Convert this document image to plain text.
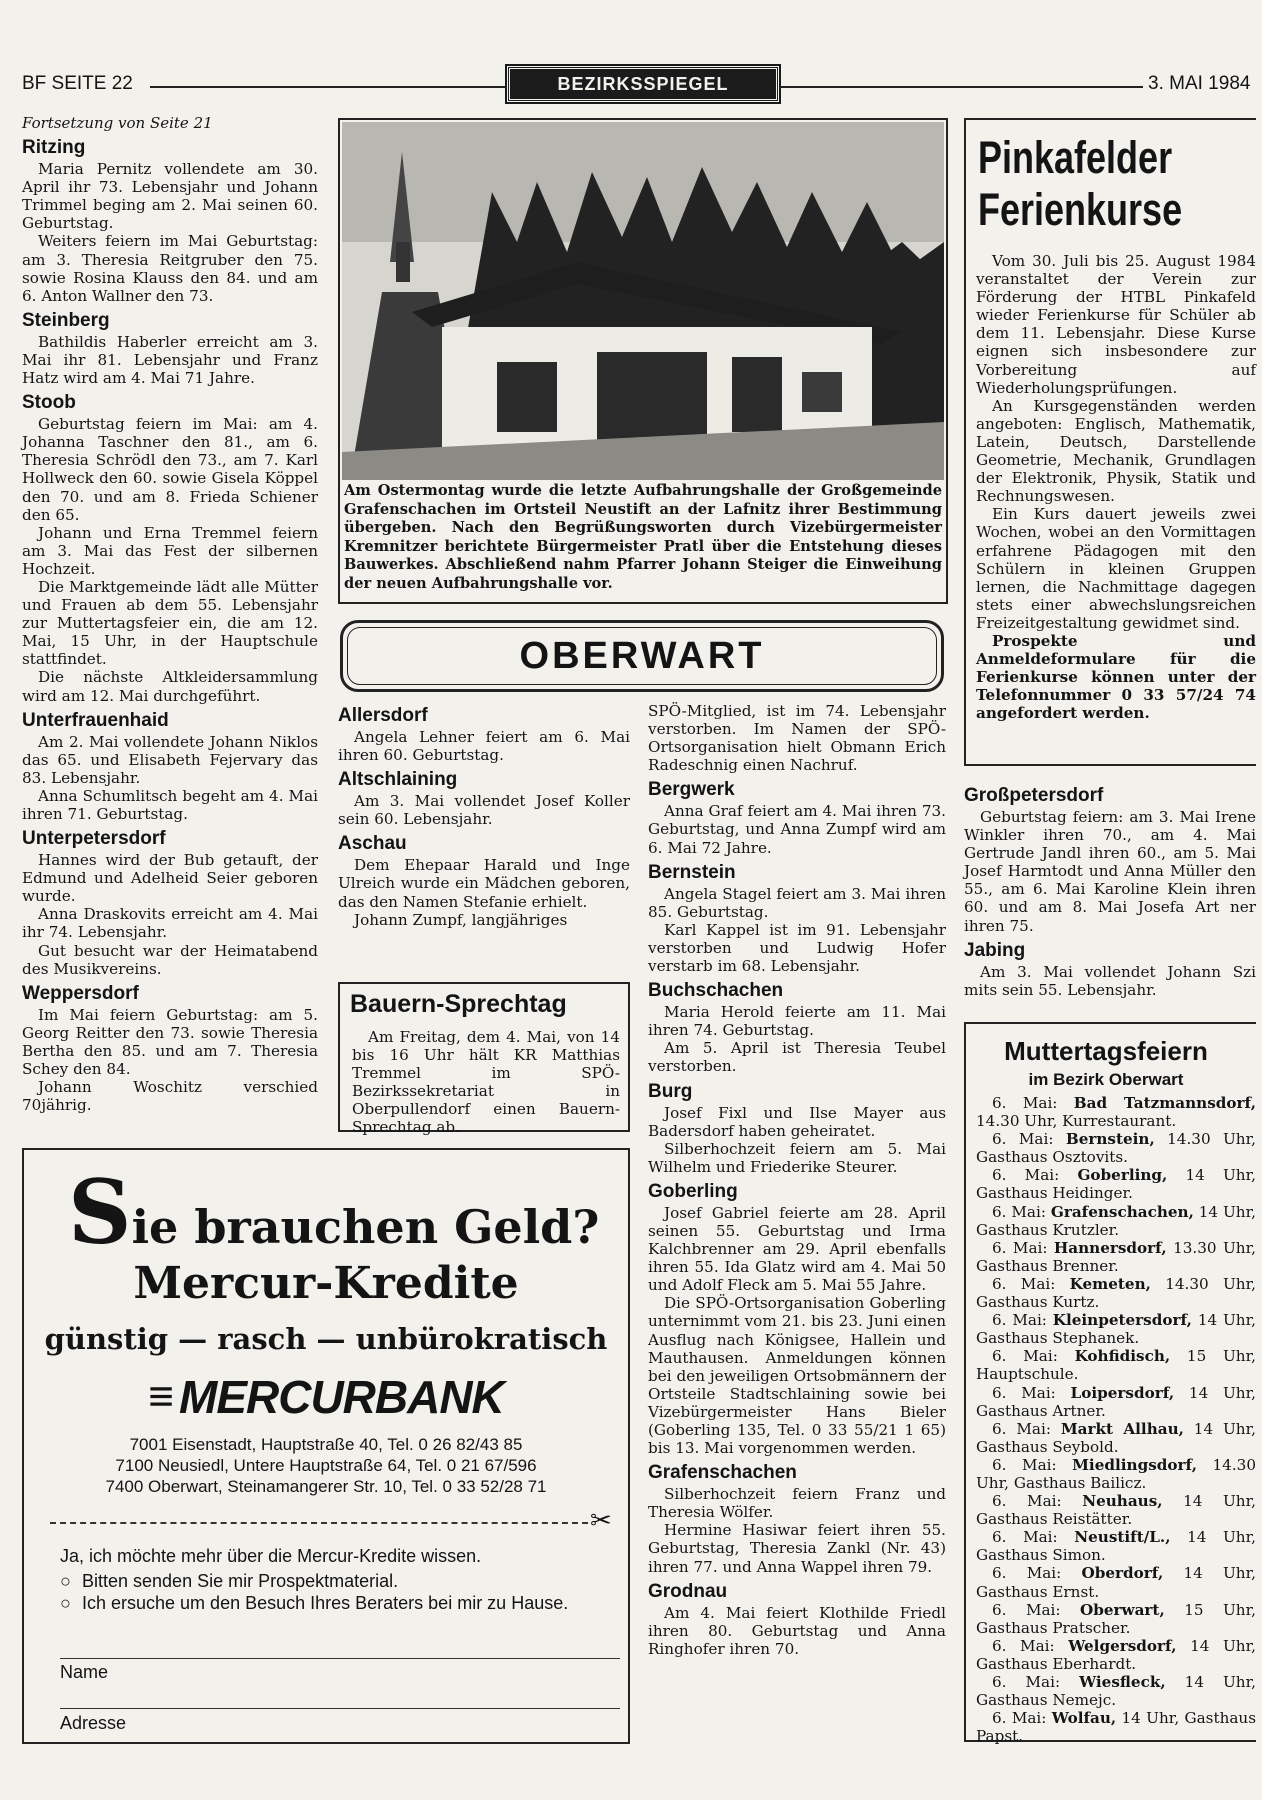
BF SEITE 22	BEZIRKSSPIEGEL	3. MAI 1984

Fortsetzung von Seite 21

Ritzing

Maria Pernitz vollendete am 30. April ihr 73. Lebensjahr und Johann Trimmel beging am 2. Mai seinen 60. Geburtstag.

Weiters feiern im Mai Geburtstag: am 3. Theresia Reitgruber den 75. sowie Rosina Klauss den 84. und am 6. Anton Wallner den 73.

Steinberg

Bathildis Haberler erreicht am 3. Mai ihr 81. Lebensjahr und Franz Hatz wird am 4. Mai 71 Jahre.

Stoob

Geburtstag feiern im Mai: am 4. Johanna Taschner den 81., am 6. Theresia Schrödl den 73., am 7. Karl Hollweck den 60. sowie Gisela Köppel den 70. und am 8. Frieda Schiener den 65.

Johann und Erna Tremmel feiern am 3. Mai das Fest der silbernen Hochzeit.

Die Marktgemeinde lädt alle Mütter und Frauen ab dem 55. Lebensjahr zur Muttertagsfeier ein, die am 12. Mai, 15 Uhr, in der Hauptschule stattfindet.

Die nächste Altkleidersammlung wird am 12. Mai durchgeführt.

Unterfrauenhaid

Am 2. Mai vollendete Johann Niklos das 65. und Elisabeth Fejervary das 83. Lebensjahr.

Anna Schumlitsch begeht am 4. Mai ihren 71. Geburtstag.

Unterpetersdorf

Hannes wird der Bub getauft, der Edmund und Adelheid Seier geboren wurde.

Anna Draskovits erreicht am 4. Mai ihr 74. Lebensjahr.

Gut besucht war der Heimatabend des Musikvereins.

Weppersdorf

Im Mai feiern Geburtstag: am 5. Georg Reitter den 73. sowie Theresia Bertha den 85. und am 7. Theresia Schey den 84.

Johann Woschitz verschied 70jährig.

Am Ostermontag wurde die letzte Aufbahrungshalle der Großgemeinde Grafenschachen im Ortsteil Neustift an der Lafnitz ihrer Bestimmung übergeben. Nach den Begrüßungsworten durch Vizebürgermeister Kremnitzer berichtete Bürgermeister Pratl über die Entstehung dieses Bauwerkes. Abschließend nahm Pfarrer Johann Steiger die Einweihung der neuen Aufbahrungshalle vor.
Pinkafelder
Ferienkurse

Vom 30. Juli bis 25. August 1984 veranstaltet der Verein zur Förderung der HTBL Pinkafeld wieder Ferienkurse für Schüler ab dem 11. Lebensjahr. Diese Kurse eignen sich insbesondere zur Vorbereitung auf Wiederholungsprüfungen.

An Kursgegenständen werden angeboten: Englisch, Mathematik, Latein, Deutsch, Darstellende Geometrie, Mechanik, Grundlagen der Elektronik, Physik, Statik und Rechnungswesen.

Ein Kurs dauert jeweils zwei Wochen, wobei an den Vormittagen erfahrene Pädagogen mit den Schülern in kleinen Gruppen lernen, die Nachmittage dagegen stets einer abwechslungsreichen Freizeitgestaltung gewidmet sind.

Prospekte und Anmeldeformulare für die Ferienkurse können unter der Telefonnummer 0 33 57/24 74 angefordert werden.

OBERWART
Allersdorf

Angela Lehner feiert am 6. Mai ihren 60. Geburtstag.

Altschlaining

Am 3. Mai vollendet Josef Koller sein 60. Lebensjahr.

Aschau

Dem Ehepaar Harald und Inge Ulreich wurde ein Mädchen geboren, das den Namen Stefanie erhielt.

Johann Zumpf, langjähriges

Bauern-Sprechtag

Am Freitag, dem 4. Mai, von 14 bis 16 Uhr hält KR Matthias Tremmel im SPÖ-Bezirkssekretariat in Oberpullendorf einen Bauern-Sprechtag ab.

SPÖ-Mitglied, ist im 74. Lebensjahr verstorben. Im Namen der SPÖ-Ortsorganisation hielt Obmann Erich Radeschnig einen Nachruf.

Bergwerk

Anna Graf feiert am 4. Mai ihren 73. Geburtstag, und Anna Zumpf wird am 6. Mai 72 Jahre.

Bernstein

Angela Stagel feiert am 3. Mai ihren 85. Geburtstag.

Karl Kappel ist im 91. Lebensjahr verstorben und Ludwig Hofer verstarb im 68. Lebensjahr.

Buchschachen

Maria Herold feierte am 11. Mai ihren 74. Geburtstag.

Am 5. April ist Theresia Teubel verstorben.

Burg

Josef Fixl und Ilse Mayer aus Badersdorf haben geheiratet.

Silberhochzeit feiern am 5. Mai Wilhelm und Friederike Steurer.

Goberling

Josef Gabriel feierte am 28. April seinen 55. Geburtstag und Irma Kalchbrenner am 29. April ebenfalls ihren 55. Ida Glatz wird am 4. Mai 50 und Adolf Fleck am 5. Mai 55 Jahre.

Die SPÖ-Ortsorganisation Goberling unternimmt vom 21. bis 23. Juni einen Ausflug nach Königsee, Hallein und Mauthausen. Anmeldungen können bei den jeweiligen Ortsobmännern der Ortsteile Stadtschlaining sowie bei Vizebürgermeister Hans Bieler (Goberling 135, Tel. 0 33 55/21 1 65) bis 13. Mai vorgenommen werden.

Grafenschachen

Silberhochzeit feiern Franz und Theresia Wölfer.

Hermine Hasiwar feiert ihren 55. Geburtstag, Theresia Zankl (Nr. 43) ihren 77. und Anna Wappel ihren 79.

Grodnau

Am 4. Mai feiert Klothilde Friedl ihren 80. Geburtstag und Anna Ringhofer ihren 70.

Großpetersdorf

Geburtstag feiern: am 3. Mai Irene Winkler ihren 70., am 4. Mai Gertrude Jandl ihren 60., am 5. Mai Josef Harmtodt und Anna Müller den 55., am 6. Mai Karoline Klein ihren 60. und am 8. Mai Josefa Art ner ihren 75.

Jabing

Am 3. Mai vollendet Johann Szi mits sein 55. Lebensjahr.

Muttertagsfeiern
im Bezirk Oberwart

6. Mai: Bad Tatzmannsdorf, 14.30 Uhr, Kurrestaurant.

6. Mai: Bernstein, 14.30 Uhr, Gasthaus Osztovits.

6. Mai: Goberling, 14 Uhr, Gasthaus Heidinger.

6. Mai: Grafenschachen, 14 Uhr, Gasthaus Krutzler.

6. Mai: Hannersdorf, 13.30 Uhr, Gasthaus Brenner.

6. Mai: Kemeten, 14.30 Uhr, Gasthaus Kurtz.

6. Mai: Kleinpetersdorf, 14 Uhr, Gasthaus Stephanek.

6. Mai: Kohfidisch, 15 Uhr, Hauptschule.

6. Mai: Loipersdorf, 14 Uhr, Gasthaus Artner.

6. Mai: Markt Allhau, 14 Uhr, Gasthaus Seybold.

6. Mai: Miedlingsdorf, 14.30 Uhr, Gasthaus Bailicz.

6. Mai: Neuhaus, 14 Uhr, Gasthaus Reistätter.

6. Mai: Neustift/L., 14 Uhr, Gasthaus Simon.

6. Mai: Oberdorf, 14 Uhr, Gasthaus Ernst.

6. Mai: Oberwart, 15 Uhr, Gasthaus Pratscher.

6. Mai: Welgersdorf, 14 Uhr, Gasthaus Eberhardt.

6. Mai: Wiesfleck, 14 Uhr, Gasthaus Nemejc.

6. Mai: Wolfau, 14 Uhr, Gasthaus Papst.

Sie brauchen Geld?
Mercur-Kredite
günstig — rasch — unbürokratisch
≡ MERCURBANK
7001 Eisenstadt, Hauptstraße 40, Tel. 0 26 82/43 85
7100 Neusiedl, Untere Hauptstraße 64, Tel. 0 21 67/596
7400 Oberwart, Steinamangerer Str. 10, Tel. 0 33 52/28 71
✂
Ja, ich möchte mehr über die Mercur-Kredite wissen.
○ Bitten senden Sie mir Prospektmaterial.
○ Ich ersuche um den Besuch Ihres Beraters bei mir zu Hause.
Name
Adresse
